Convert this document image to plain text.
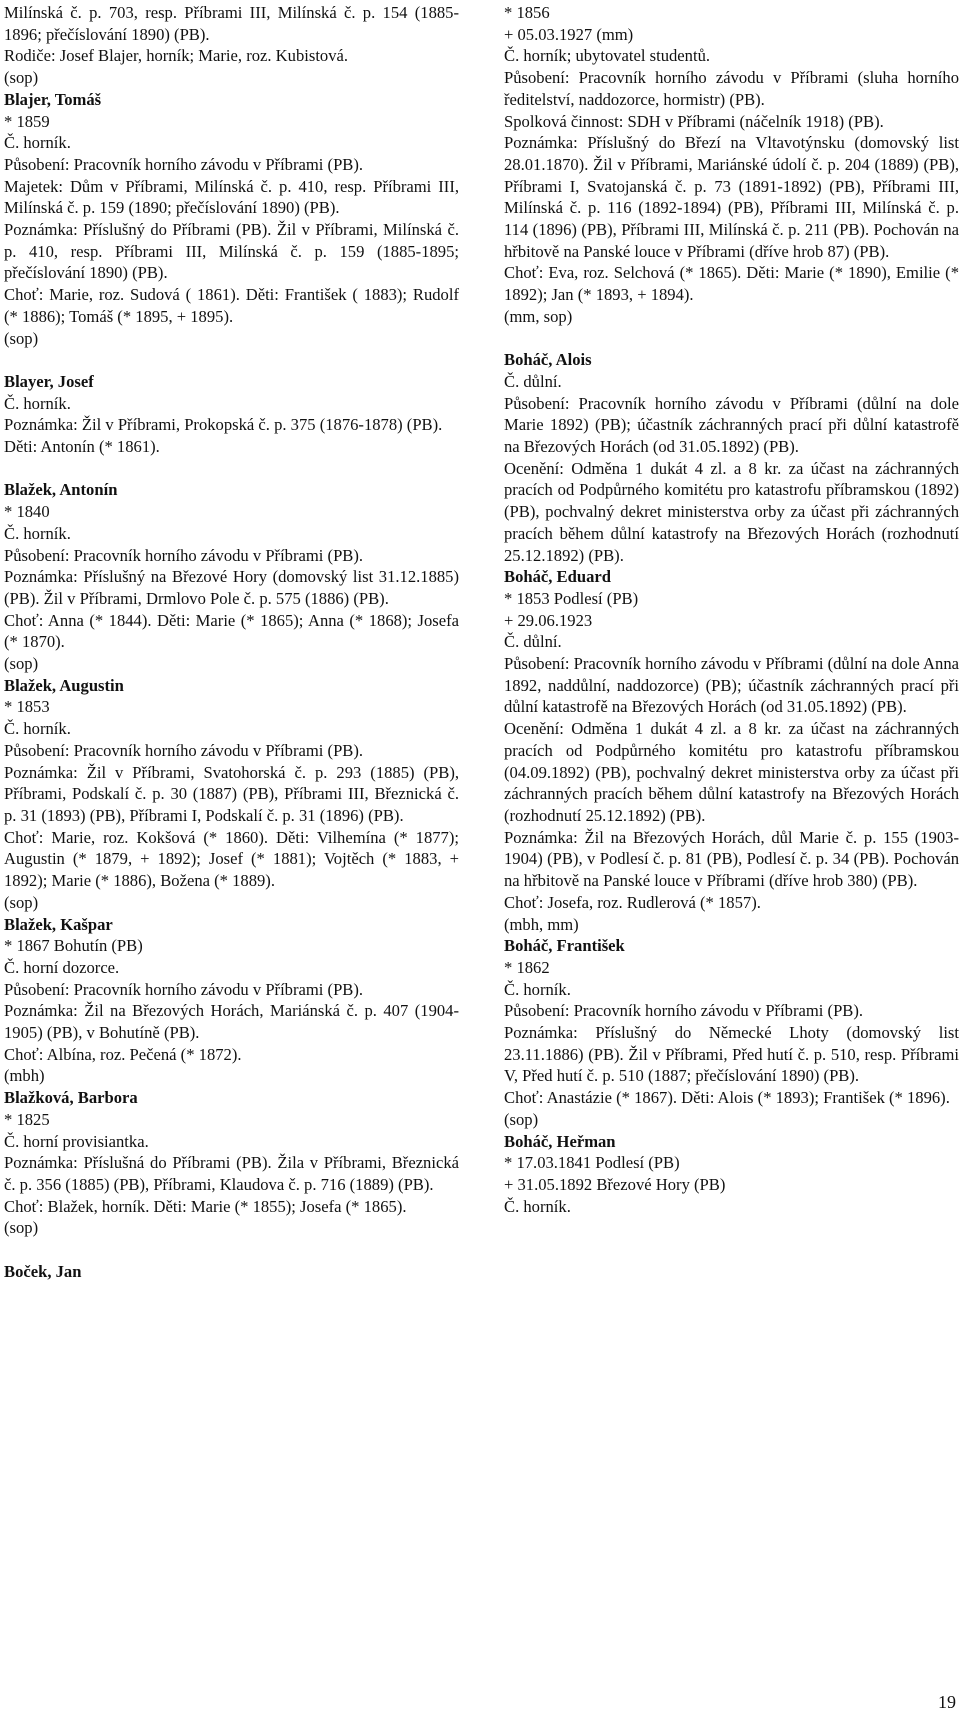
Milínská č. p. 703, resp. Příbrami III, Milínská č. p. 154 (1885-1896; přečíslování 1890) (PB).

Rodiče: Josef Blajer, horník; Marie, roz. Kubistová.

(sop)

Blajer, Tomáš

* 1859

Č. horník.

Působení: Pracovník horního závodu v Příbrami (PB).

Majetek: Dům v Příbrami, Milínská č. p. 410, resp. Příbrami III, Milínská č. p. 159 (1890; přečíslování 1890) (PB).

Poznámka: Příslušný do Příbrami (PB). Žil v Příbrami, Milínská č. p. 410, resp. Příbrami III, Milínská č. p. 159 (1885-1895; přečíslování 1890) (PB).

Choť: Marie, roz. Sudová ( 1861). Děti: František ( 1883); Rudolf (* 1886); Tomáš (* 1895, + 1895).

(sop)

Blayer, Josef

Č. horník.

Poznámka: Žil v Příbrami, Prokopská č. p. 375 (1876-1878) (PB).

Děti: Antonín (* 1861).

Blažek, Antonín

* 1840

Č. horník.

Působení: Pracovník horního závodu v Příbrami (PB).

Poznámka: Příslušný na Březové Hory (domovský list 31.12.1885) (PB). Žil v Příbrami, Drmlovo Pole č. p. 575 (1886) (PB).

Choť: Anna (* 1844). Děti: Marie (* 1865); Anna (* 1868); Josefa (* 1870).

(sop)

Blažek, Augustin

* 1853

Č. horník.

Působení: Pracovník horního závodu v Příbrami (PB).

Poznámka: Žil v Příbrami, Svatohorská č. p. 293 (1885) (PB), Příbrami, Podskalí č. p. 30 (1887) (PB), Příbrami III, Březnická č. p. 31 (1893) (PB), Příbrami I, Podskalí č. p. 31 (1896) (PB).

Choť: Marie, roz. Kokšová (* 1860). Děti: Vilhemína (* 1877); Augustin (* 1879, + 1892); Josef (* 1881); Vojtěch (* 1883, + 1892); Marie (* 1886), Božena (* 1889).

(sop)

Blažek, Kašpar

* 1867 Bohutín (PB)

Č. horní dozorce.

Působení: Pracovník horního závodu v Příbrami (PB).

Poznámka: Žil na Březových Horách, Mariánská č. p. 407 (1904-1905) (PB), v Bohutíně (PB).

Choť: Albína, roz. Pečená (* 1872).

(mbh)

Blažková, Barbora

* 1825

Č. horní provisiantka.

Poznámka: Příslušná do Příbrami (PB). Žila v Příbrami, Březnická č. p. 356 (1885) (PB), Příbrami, Klaudova č. p. 716 (1889) (PB).

Choť: Blažek, horník. Děti: Marie (* 1855); Josefa (* 1865).

(sop)

Boček, Jan

* 1856

+ 05.03.1927 (mm)

Č. horník; ubytovatel studentů.

Působení: Pracovník horního závodu v Příbrami (sluha horního ředitelství, naddozorce, hormistr) (PB).

Spolková činnost: SDH v Příbrami (náčelník 1918) (PB).

Poznámka: Příslušný do Březí na Vltavotýnsku (domovský list 28.01.1870). Žil v Příbrami, Mariánské údolí č. p. 204 (1889) (PB), Příbrami I, Svatojanská č. p. 73 (1891-1892) (PB), Příbrami III, Milínská č. p. 116 (1892-1894) (PB), Příbrami III, Milínská č. p. 114 (1896) (PB), Příbrami III, Milínská č. p. 211 (PB). Pochován na hřbitově na Panské louce v Příbrami (dříve hrob 87) (PB).

Choť: Eva, roz. Selchová (* 1865). Děti: Marie (* 1890), Emilie (* 1892); Jan (* 1893, + 1894).

(mm, sop)

Boháč, Alois

Č. důlní.

Působení: Pracovník horního závodu v Příbrami (důlní na dole Marie 1892) (PB); účastník záchranných prací při důlní katastrofě na Březových Horách (od 31.05.1892) (PB).

Ocenění: Odměna 1 dukát 4 zl. a 8 kr. za účast na záchranných pracích od Podpůrného komitétu pro katastrofu příbramskou (1892) (PB), pochvalný dekret ministerstva orby za účast při záchranných pracích během důlní katastrofy na Březových Horách (rozhodnutí 25.12.1892) (PB).

Boháč, Eduard

* 1853 Podlesí (PB)

+ 29.06.1923

Č. důlní.

Působení: Pracovník horního závodu v Příbrami (důlní na dole Anna 1892, naddůlní, naddozorce) (PB); účastník záchranných prací při důlní katastrofě na Březových Horách (od 31.05.1892) (PB).

Ocenění: Odměna 1 dukát 4 zl. a 8 kr. za účast na záchranných pracích od Podpůrného komitétu pro katastrofu příbramskou (04.09.1892) (PB), pochvalný dekret ministerstva orby za účast při záchranných pracích během důlní katastrofy na Březových Horách (rozhodnutí 25.12.1892) (PB).

Poznámka: Žil na Březových Horách, důl Marie č. p. 155 (1903-1904) (PB), v Podlesí č. p. 81 (PB), Podlesí č. p. 34 (PB). Pochován na hřbitově na Panské louce v Příbrami (dříve hrob 380) (PB).

Choť: Josefa, roz. Rudlerová (* 1857).

(mbh, mm)

Boháč, František

* 1862

Č. horník.

Působení: Pracovník horního závodu v Příbrami (PB).

Poznámka: Příslušný do Německé Lhoty (domovský list 23.11.1886) (PB). Žil v Příbrami, Před hutí č. p. 510, resp. Příbrami V, Před hutí č. p. 510 (1887; přečíslování 1890) (PB).

Choť: Anastázie (* 1867). Děti: Alois (* 1893); František (* 1896).

(sop)

Boháč, Heřman

* 17.03.1841 Podlesí (PB)

+ 31.05.1892 Březové Hory (PB)

Č. horník.

19
